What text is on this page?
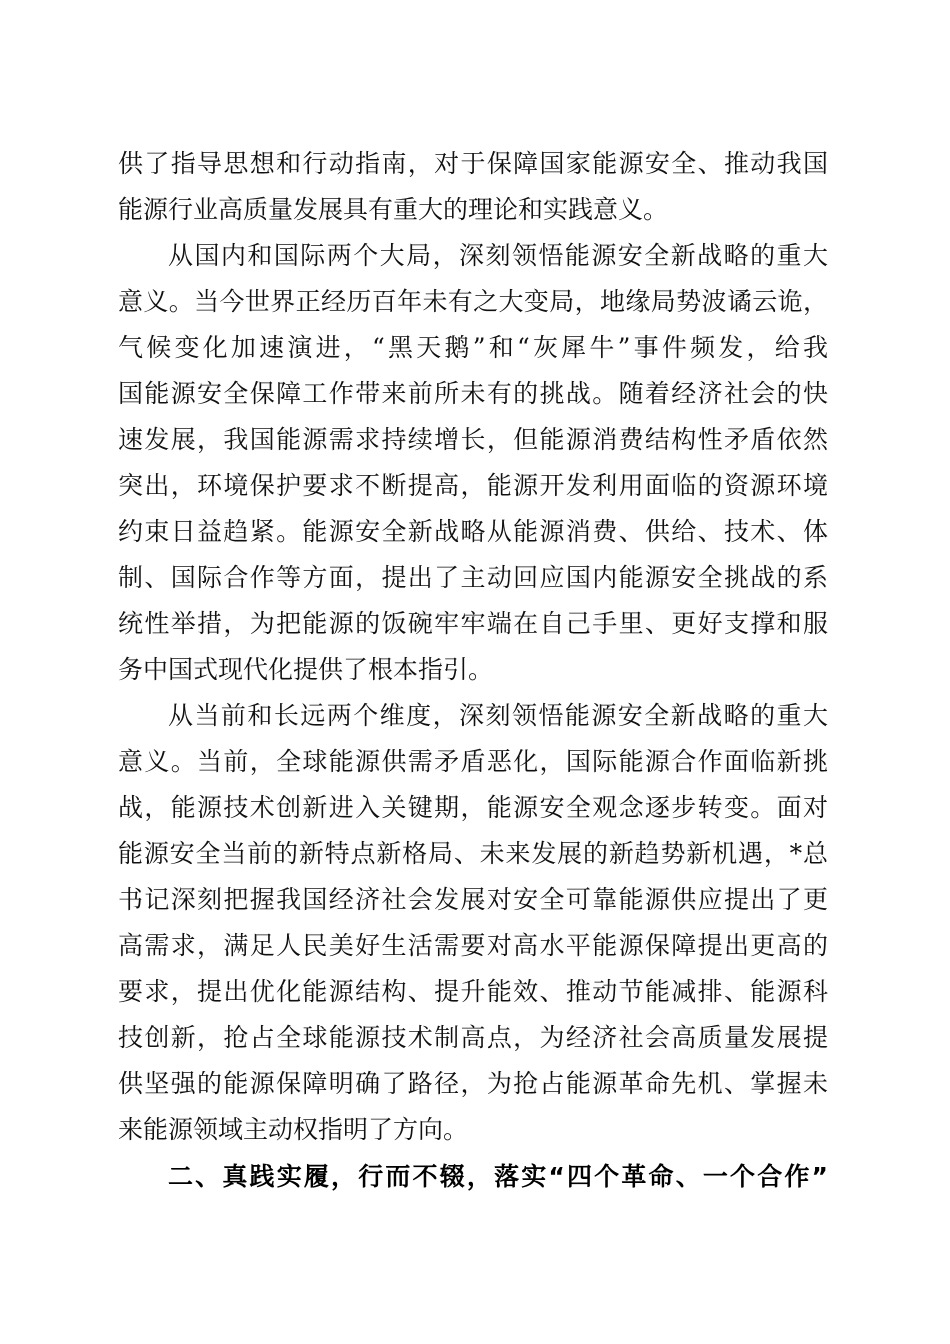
供了指导思想和行动指南，对于保障国家能源安全、推动我国
能源行业高质量发展具有重大的理论和实践意义。
从国内和国际两个大局，深刻领悟能源安全新战略的重大
意义。当今世界正经历百年未有之大变局，地缘局势波谲云诡，
气候变化加速演进，“黑天鹅”和“灰犀牛”事件频发，给我
国能源安全保障工作带来前所未有的挑战。随着经济社会的快
速发展，我国能源需求持续增长，但能源消费结构性矛盾依然
突出，环境保护要求不断提高，能源开发利用面临的资源环境
约束日益趋紧。能源安全新战略从能源消费、供给、技术、体
制、国际合作等方面，提出了主动回应国内能源安全挑战的系
统性举措，为把能源的饭碗牢牢端在自己手里、更好支撑和服
务中国式现代化提供了根本指引。
从当前和长远两个维度，深刻领悟能源安全新战略的重大
意义。当前，全球能源供需矛盾恶化，国际能源合作面临新挑
战，能源技术创新进入关键期，能源安全观念逐步转变。面对
能源安全当前的新特点新格局、未来发展的新趋势新机遇，*总
书记深刻把握我国经济社会发展对安全可靠能源供应提出了更
高需求，满足人民美好生活需要对高水平能源保障提出更高的
要求，提出优化能源结构、提升能效、推动节能减排、能源科
技创新，抢占全球能源技术制高点，为经济社会高质量发展提
供坚强的能源保障明确了路径，为抢占能源革命先机、掌握未
来能源领域主动权指明了方向。
二、真践实履，行而不辍，落实“四个革命、一个合作”
